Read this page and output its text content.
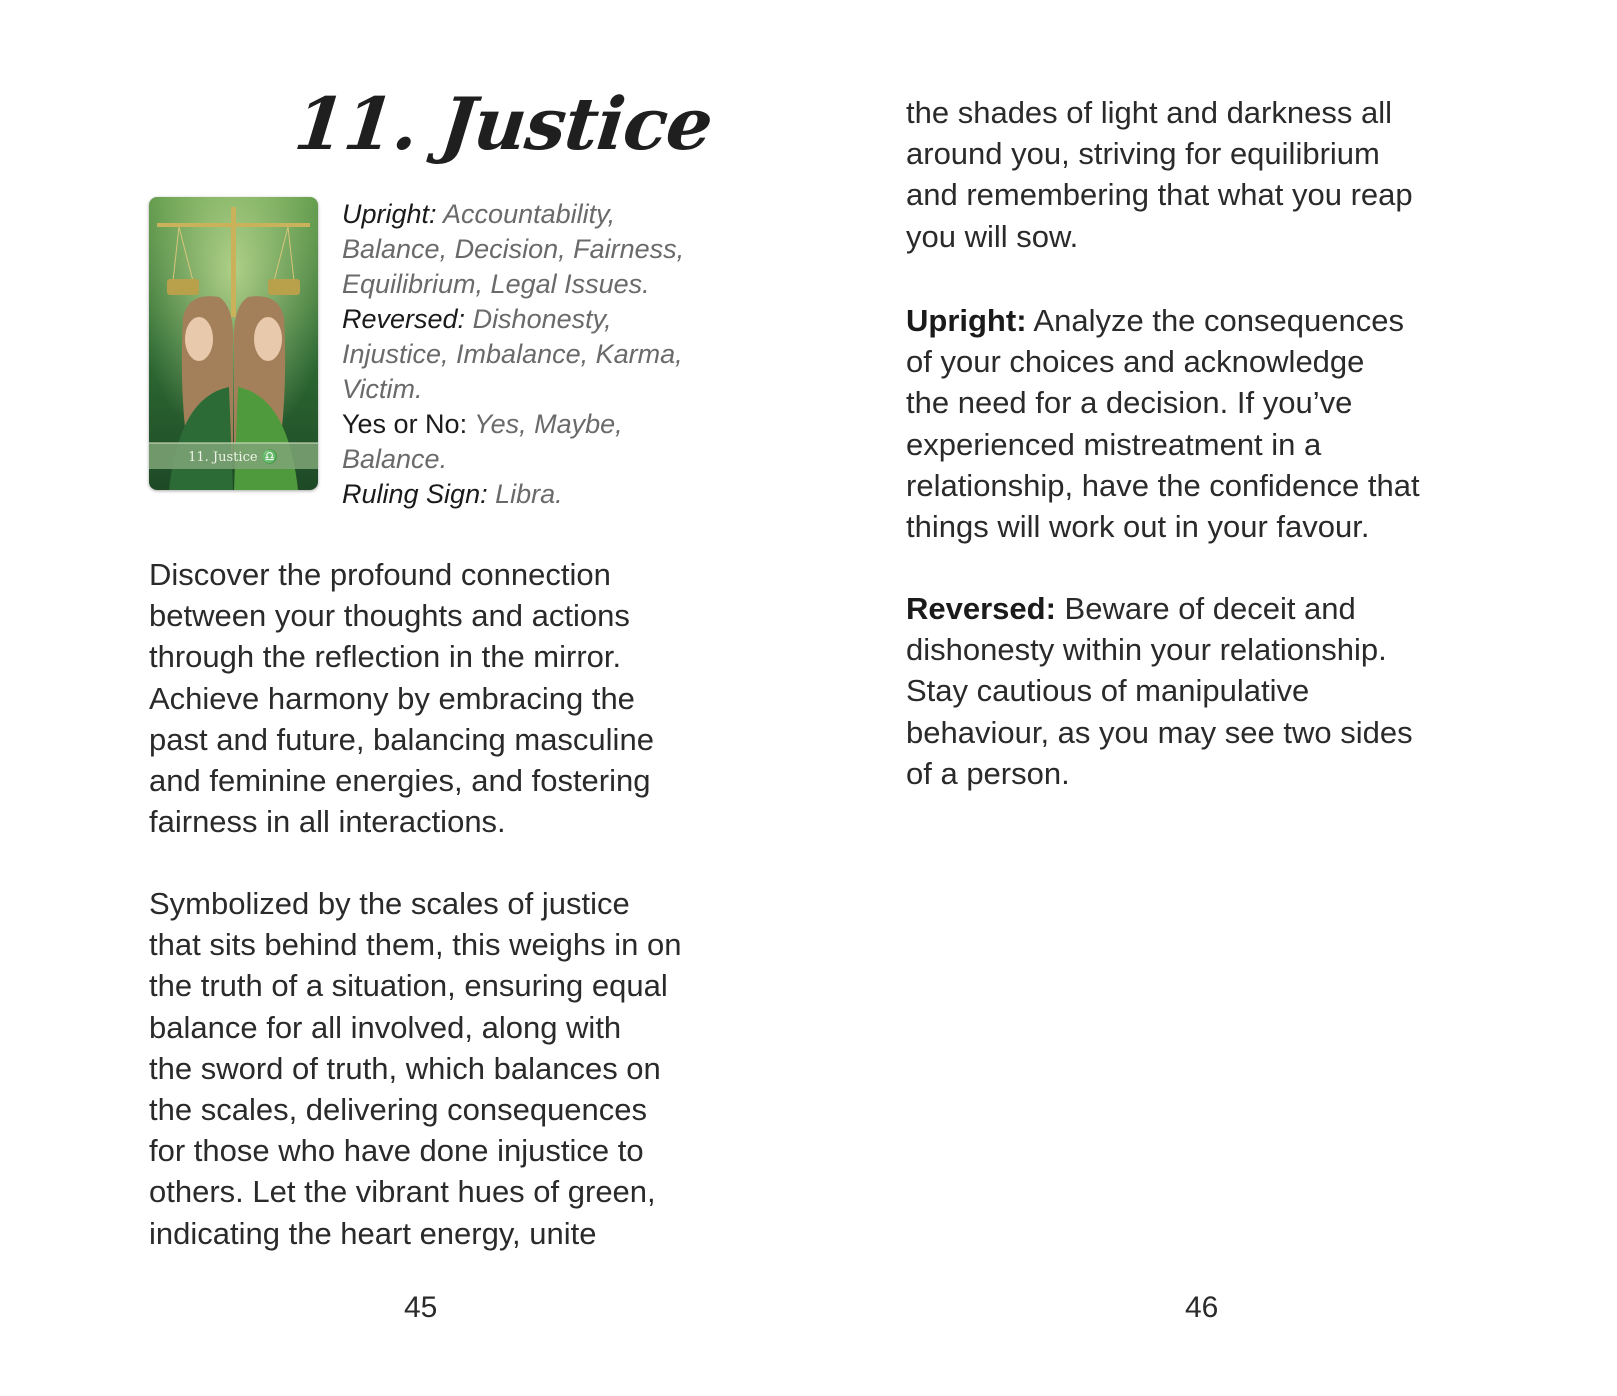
11. Justice
11. Justice ♎
Upright: Accountability, Balance, Decision, Fairness, Equilibrium, Legal Issues.
Reversed: Dishonesty, Injustice, Imbalance, Karma, Victim.
Yes or No: Yes, Maybe, Balance.
Ruling Sign: Libra.

Discover the profound connection
between your thoughts and actions
through the reflection in the mirror.
Achieve harmony by embracing the
past and future, balancing masculine
and feminine energies, and fostering
fairness in all interactions.

Symbolized by the scales of justice
that sits behind them, this weighs in on
the truth of a situation, ensuring equal
balance for all involved, along with
the sword of truth, which balances on
the scales, delivering consequences
for those who have done injustice to
others. Let the vibrant hues of green,
indicating the heart energy, unite

45

the shades of light and darkness all
around you, striving for equilibrium
and remembering that what you reap
you will sow.

Upright: Analyze the consequences
of your choices and acknowledge
the need for a decision. If you’ve
experienced mistreatment in a
relationship, have the confidence that
things will work out in your favour.

Reversed: Beware of deceit and
dishonesty within your relationship.
Stay cautious of manipulative
behaviour, as you may see two sides
of a person.

46
